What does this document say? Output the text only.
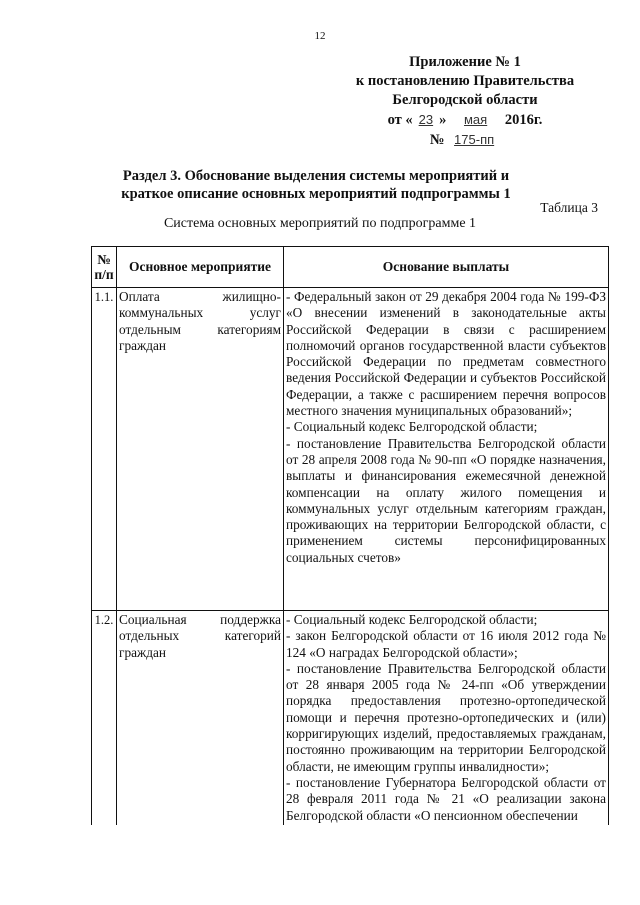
12
Приложение № 1
к постановлению Правительства
Белгородской области
от « 23 » мая 2016г.
№ 175-пп
Раздел 3. Обоснование выделения системы мероприятий и краткое описание основных мероприятий подпрограммы 1
Таблица 3
Система основных мероприятий по подпрограмме 1
№ п/п	Основное мероприятие	Основание выплаты
1.1.	Оплата жилищно-коммунальных услуг отдельным категориям граждан	- Федеральный закон от 29 декабря 2004 года № 199-ФЗ «О внесении изменений в законодательные акты Российской Федерации в связи с расширением полномочий органов государственной власти субъектов Российской Федерации по предметам совместного ведения Российской Федерации и субъектов Российской Федерации, а также с расширением перечня вопросов местного значения муниципальных образований»;
- Социальный кодекс Белгородской области;
- постановление Правительства Белгородской области от 28 апреля 2008 года № 90-пп «О порядке назначения, выплаты и финансирования ежемесячной денежной компенсации на оплату жилого помещения и коммунальных услуг отдельным категориям граждан, проживающих на территории Белгородской области, с применением системы персонифицированных социальных счетов»

1.2.	Социальная поддержка отдельных категорий граждан	- Социальный кодекс Белгородской области;
- закон Белгородской области от 16 июля 2012 года № 124 «О наградах Белгородской области»;
- постановление Правительства Белгородской области от 28 января 2005 года № 24-пп «Об утверждении порядка предоставления протезно-ортопедической помощи и перечня протезно-ортопедических и (или) корригирующих изделий, предоставляемых гражданам, постоянно проживающим на территории Белгородской области, не имеющим группы инвалидности»;
- постановление Губернатора Белгородской области от 28 февраля 2011 года № 21 «О реализации закона Белгородской области «О пенсионном обеспечении
